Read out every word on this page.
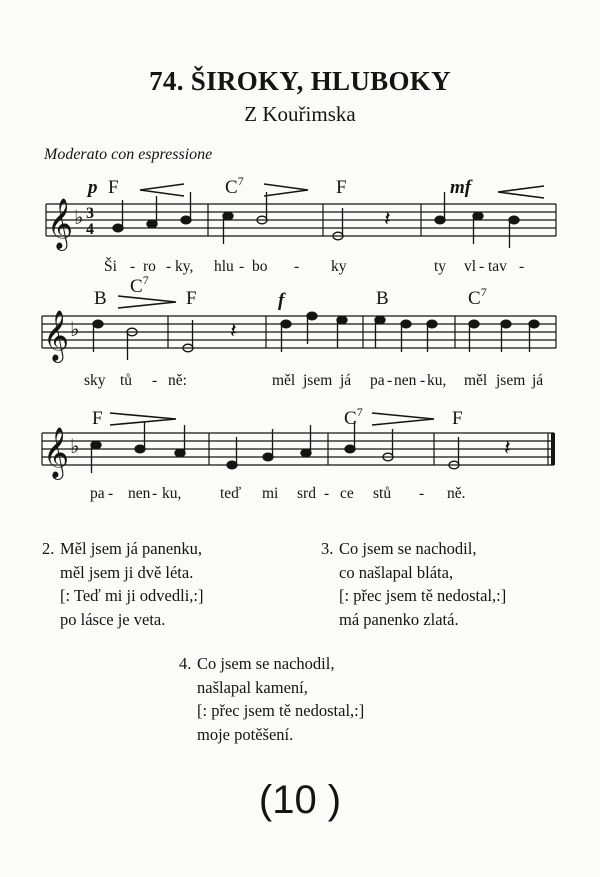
74. ŠIROKY, HLUBOKY
Z Kouřimska
Moderato con espressione
p F	$C^7$	F	mf
𝄞 ♭ 3
4	𝄽
Ši - ro - ky, hlu - bo - ky	ty vl - tav -
B
$C^7$
F	f	B	$C^7$
𝄞 ♭	𝄽
sky tů - ně:	měl jsem já pa - nen - ku, měl jsem já
F	$C^7$	F
𝄞 ♭	𝄽
pa - nen - ku, teď mi srd - ce stů - ně.
2. Měl jsem já panenku,
měl jsem ji dvě léta.
[: Teď mi ji odvedli,:]
po lásce je veta.
3. Co jsem se nachodil,
co našlapal bláta,
[: přec jsem tě nedostal,:]
má panenko zlatá.
4. Co jsem se nachodil,
našlapal kamení,
[: přec jsem tě nedostal,:]
moje potěšení.
(10 )
